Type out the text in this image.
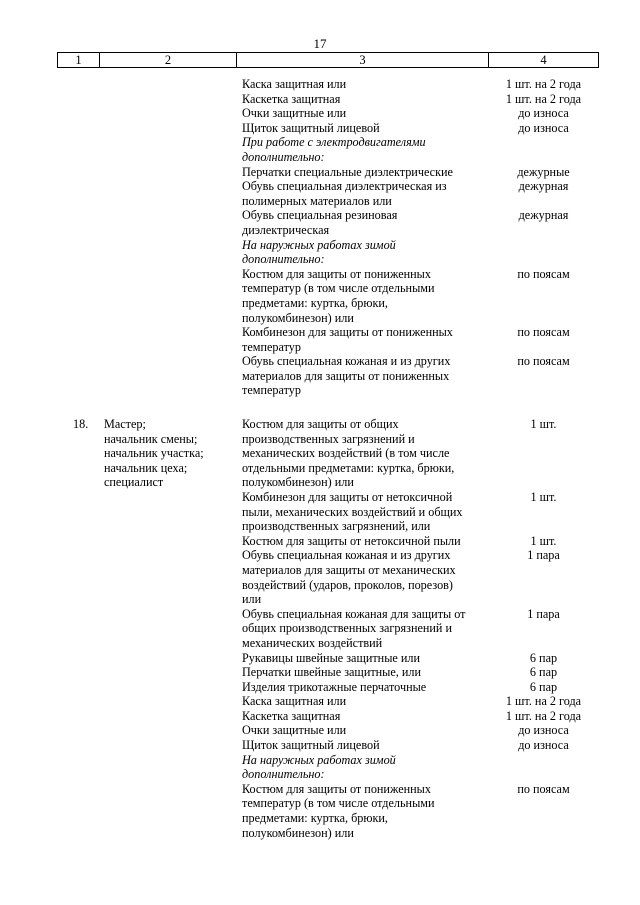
17
1	2	3	4
Каска защитная или	1 шт. на 2 года
Каскетка защитная	1 шт. на 2 года
Очки защитные или	до износа
Щиток защитный лицевой	до износа
При работе с электродвигателями
дополнительно:
Перчатки специальные диэлектрические	дежурные
Обувь специальная диэлектрическая из	дежурная
полимерных материалов или
Обувь специальная резиновая	дежурная
диэлектрическая
На наружных работах зимой
дополнительно:
Костюм для защиты от пониженных	по поясам
температур (в том числе отдельными
предметами: куртка, брюки,
полукомбинезон) или
Комбинезон для защиты от пониженных	по поясам
температур
Обувь специальная кожаная и из других	по поясам
материалов для защиты от пониженных
температур
18. Мастер;
начальник смены;
начальник участка;
начальник цеха;
специалист
Костюм для защиты от общих	1 шт.
производственных загрязнений и
механических воздействий (в том числе
отдельными предметами: куртка, брюки,
полукомбинезон) или
Комбинезон для защиты от нетоксичной	1 шт.
пыли, механических воздействий и общих
производственных загрязнений, или
Костюм для защиты от нетоксичной пыли	1 шт.
Обувь специальная кожаная и из других	1 пара
материалов для защиты от механических
воздействий (ударов, проколов, порезов)
или
Обувь специальная кожаная для защиты от	1 пара
общих производственных загрязнений и
механических воздействий
Рукавицы швейные защитные или	6 пар
Перчатки швейные защитные, или	6 пар
Изделия трикотажные перчаточные	6 пар
Каска защитная или	1 шт. на 2 года
Каскетка защитная	1 шт. на 2 года
Очки защитные или	до износа
Щиток защитный лицевой	до износа
На наружных работах зимой
дополнительно:
Костюм для защиты от пониженных	по поясам
температур (в том числе отдельными
предметами: куртка, брюки,
полукомбинезон) или
